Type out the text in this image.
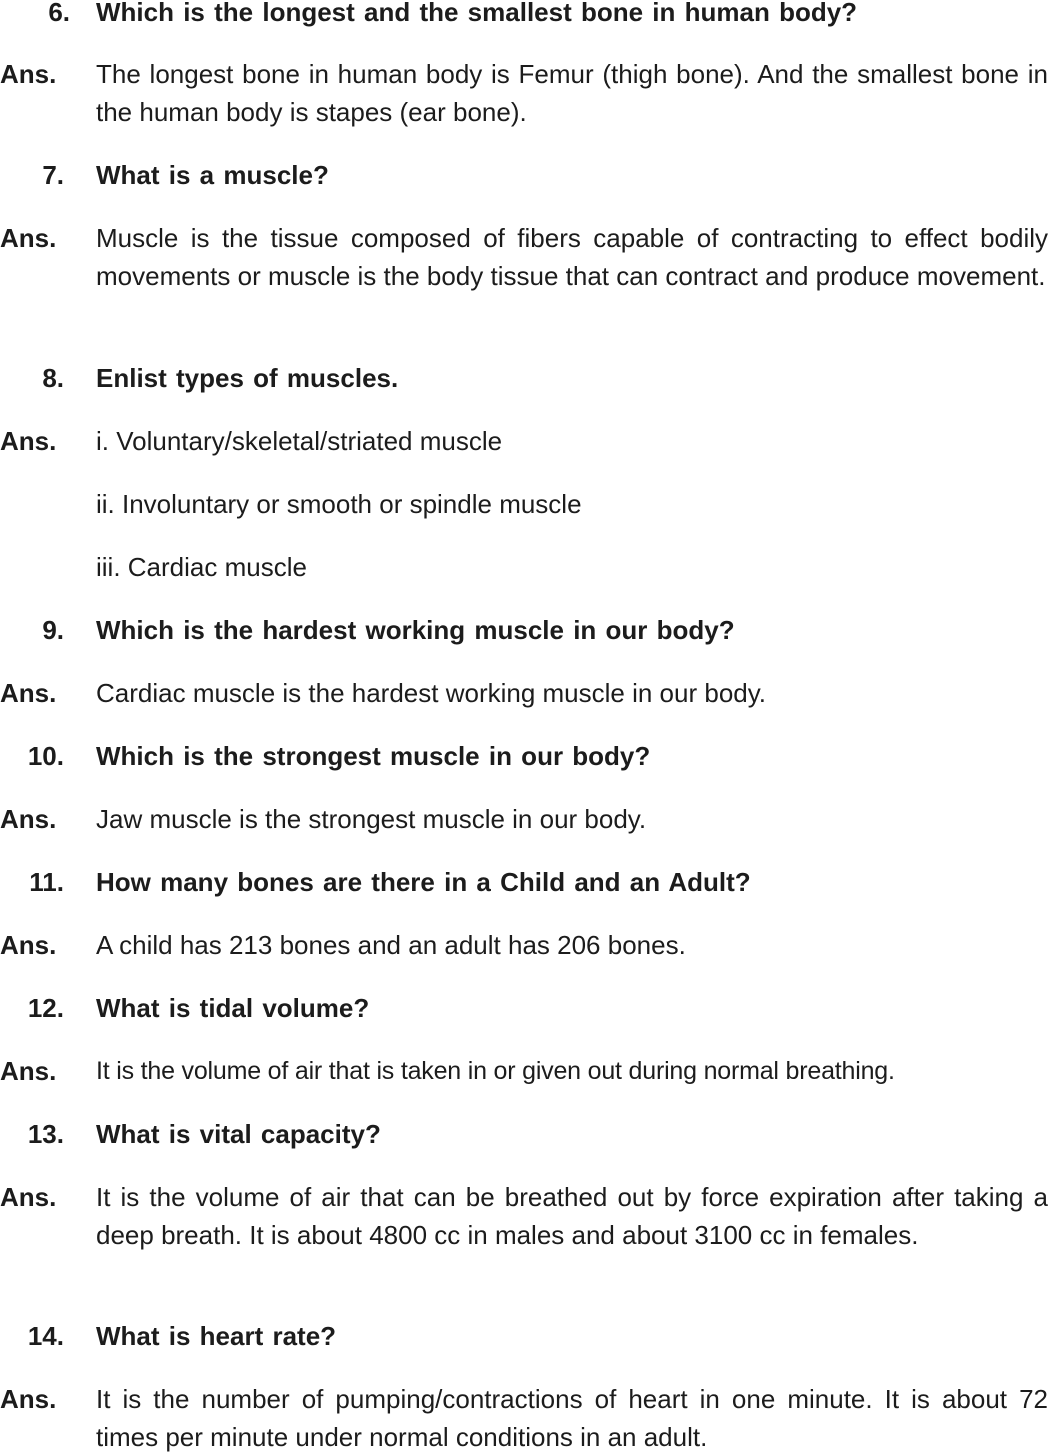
6. Which is the longest and the smallest bone in human body?
Ans. The longest bone in human body is Femur (thigh bone). And the smallest bone in the human body is stapes (ear bone).
7. What is a muscle?
Ans. Muscle is the tissue composed of fibers capable of contracting to effect bodily movements or muscle is the body tissue that can contract and produce movement.
8. Enlist types of muscles.
Ans. i. Voluntary/skeletal/striated muscle
ii. Involuntary or smooth or spindle muscle
iii. Cardiac muscle
9. Which is the hardest working muscle in our body?
Ans. Cardiac muscle is the hardest working muscle in our body.
10. Which is the strongest muscle in our body?
Ans. Jaw muscle is the strongest muscle in our body.
11. How many bones are there in a Child and an Adult?
Ans. A child has 213 bones and an adult has 206 bones.
12. What is tidal volume?
Ans. It is the volume of air that is taken in or given out during normal breathing.
13. What is vital capacity?
Ans. It is the volume of air that can be breathed out by force expiration after taking a deep breath. It is about 4800 cc in males and about 3100 cc in females.
14. What is heart rate?
Ans. It is the number of pumping/contractions of heart in one minute. It is about 72 times per minute under normal conditions in an adult.
